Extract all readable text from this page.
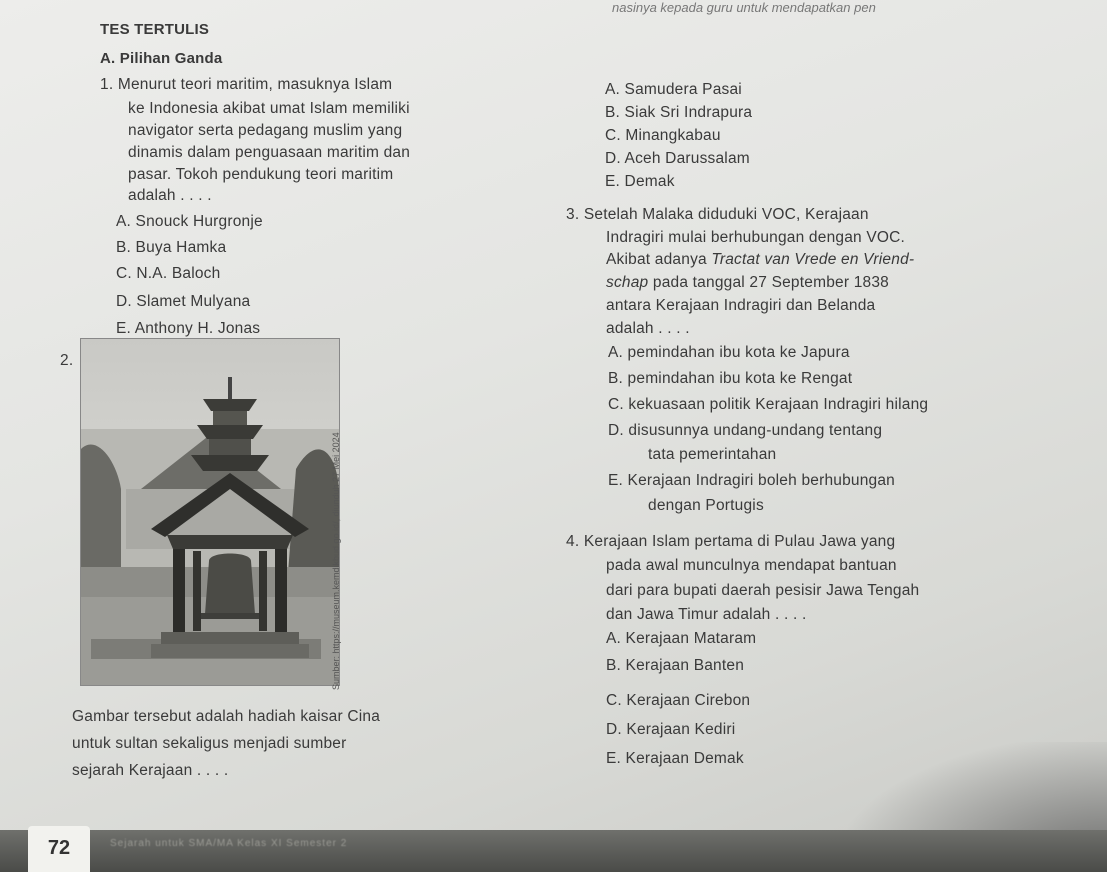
nasinya kepada guru untuk mendapatkan pen
TES TERTULIS
A. Pilihan Ganda
1. Menurut teori maritim, masuknya Islam
ke Indonesia akibat umat Islam memiliki
navigator serta pedagang muslim yang
dinamis dalam penguasaan maritim dan
pasar. Tokoh pendukung teori maritim
adalah . . . .
A. Snouck Hurgronje
B. Buya Hamka
C. N.A. Baloch
D. Slamet Mulyana
E. Anthony H. Jonas
2.
Sumber: https://museum.kemdikbud.go.id/, diunduh 27 Mei 2024
Gambar tersebut adalah hadiah kaisar Cina
untuk sultan sekaligus menjadi sumber
sejarah Kerajaan . . . .
A. Samudera Pasai
B. Siak Sri Indrapura
C. Minangkabau
D. Aceh Darussalam
E. Demak
3. Setelah Malaka diduduki VOC, Kerajaan
Indragiri mulai berhubungan dengan VOC.
Akibat adanya Tractat van Vrede en Vriend-
schap pada tanggal 27 September 1838
antara Kerajaan Indragiri dan Belanda
adalah . . . .
A. pemindahan ibu kota ke Japura
B. pemindahan ibu kota ke Rengat
C. kekuasaan politik Kerajaan Indragiri hilang
D. disusunnya undang-undang tentang
tata pemerintahan
E. Kerajaan Indragiri boleh berhubungan
dengan Portugis
4. Kerajaan Islam pertama di Pulau Jawa yang
pada awal munculnya mendapat bantuan
dari para bupati daerah pesisir Jawa Tengah
dan Jawa Timur adalah . . . .
A. Kerajaan Mataram
B. Kerajaan Banten
C. Kerajaan Cirebon
D. Kerajaan Kediri
E. Kerajaan Demak
72	Sejarah untuk SMA/MA Kelas XI Semester 2
